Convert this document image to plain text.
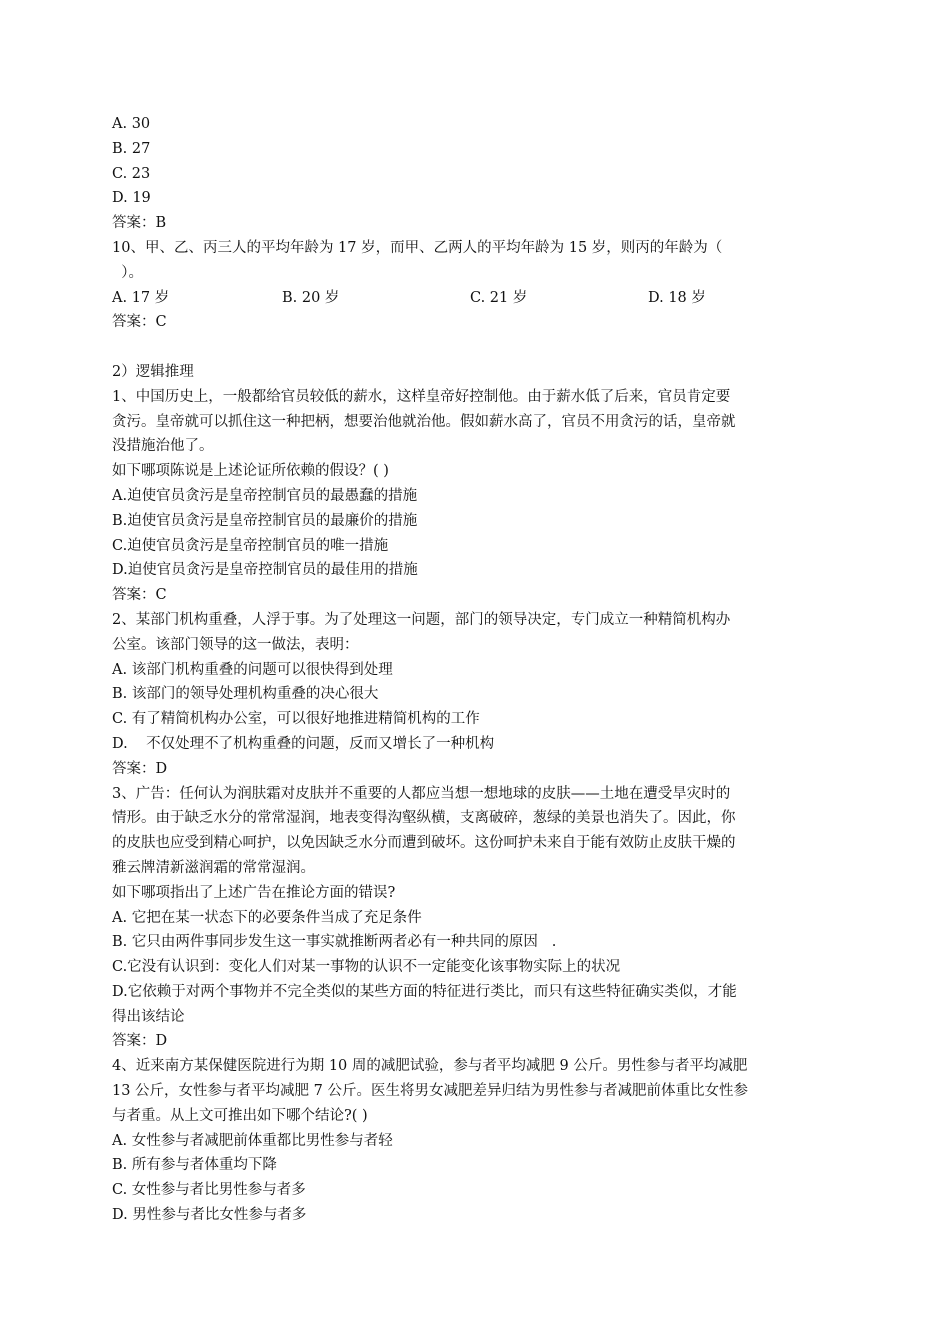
A. 30
B. 27
C. 23
D. 19
答案：B
10、甲、乙、丙三人的平均年龄为 17 岁，而甲、乙两人的平均年龄为 15 岁，则丙的年龄为（
）。
A. 17 岁	B. 20 岁	C. 21 岁	D. 18 岁
答案：C
2）逻辑推理
1、中国历史上，一般都给官员较低的薪水，这样皇帝好控制他。由于薪水低了后来，官员肯定要
贪污。皇帝就可以抓住这一种把柄，想要治他就治他。假如薪水高了，官员不用贪污的话，皇帝就
没措施治他了。
如下哪项陈说是上述论证所依赖的假设？( )
A.迫使官员贪污是皇帝控制官员的最愚蠢的措施
B.迫使官员贪污是皇帝控制官员的最廉价的措施
C.迫使官员贪污是皇帝控制官员的唯一措施
D.迫使官员贪污是皇帝控制官员的最佳用的措施
答案：C
2、某部门机构重叠，人浮于事。为了处理这一问题，部门的领导决定，专门成立一种精简机构办
公室。该部门领导的这一做法，表明：
A. 该部门机构重叠的问题可以很快得到处理
B. 该部门的领导处理机构重叠的决心很大
C. 有了精简机构办公室，可以很好地推进精简机构的工作
D.    不仅处理不了机构重叠的问题，反而又增长了一种机构
答案：D
3、广告：任何认为润肤霜对皮肤并不重要的人都应当想一想地球的皮肤——土地在遭受旱灾时的
情形。由于缺乏水分的常常湿润，地表变得沟壑纵横，支离破碎，葱绿的美景也消失了。因此，你
的皮肤也应受到精心呵护，以免因缺乏水分而遭到破坏。这份呵护未来自于能有效防止皮肤干燥的
雅云牌清新滋润霜的常常湿润。
如下哪项指出了上述广告在推论方面的错误?
A. 它把在某一状态下的必要条件当成了充足条件
B. 它只由两件事同步发生这一事实就推断两者必有一种共同的原因   .
C.它没有认识到：变化人们对某一事物的认识不一定能变化该事物实际上的状况
D.它依赖于对两个事物并不完全类似的某些方面的特征进行类比，而只有这些特征确实类似，才能
得出该结论
答案：D
4、近来南方某保健医院进行为期 10 周的减肥试验，参与者平均减肥 9 公斤。男性参与者平均减肥
13 公斤，女性参与者平均减肥 7 公斤。医生将男女减肥差异归结为男性参与者减肥前体重比女性参
与者重。从上文可推出如下哪个结论?( )
A. 女性参与者减肥前体重都比男性参与者轻
B. 所有参与者体重均下降
C. 女性参与者比男性参与者多
D. 男性参与者比女性参与者多
